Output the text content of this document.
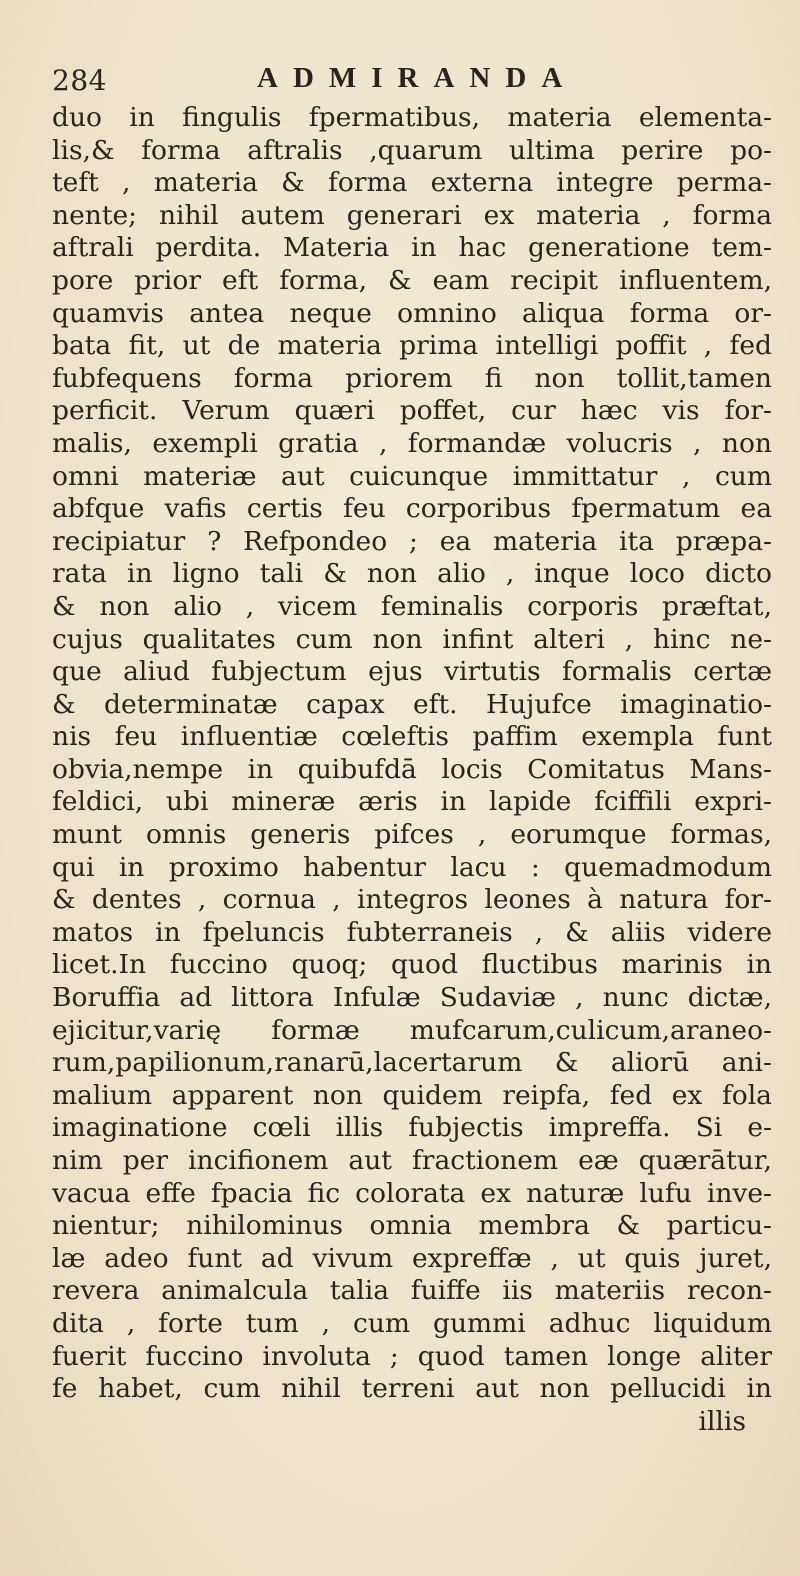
284	ADMIRANDA
duo in fingulis fpermatibus, materia elementa-
lis,& forma aftralis ,quarum ultima perire po-
teft , materia & forma externa integre perma-
nente; nihil autem generari ex materia , forma
aftrali perdita. Materia in hac generatione tem-
pore prior eft forma, & eam recipit influentem,
quamvis antea neque omnino aliqua forma or-
bata fit, ut de materia prima intelligi poffit , fed
fubfequens forma priorem fi non tollit,tamen
perficit. Verum quæri poffet, cur hæc vis for-
malis, exempli gratia , formandæ volucris , non
omni materiæ aut cuicunque immittatur , cum
abfque vafis certis feu corporibus fpermatum ea
recipiatur ? Refpondeo ; ea materia ita præpa-
rata in ligno tali & non alio , inque loco dicto
& non alio , vicem feminalis corporis præftat,
cujus qualitates cum non infint alteri , hinc ne-
que aliud fubjectum ejus virtutis formalis certæ
& determinatæ capax eft. Hujufce imaginatio-
nis feu influentiæ cœleftis paffim exempla funt
obvia,nempe in quibufdā locis Comitatus Mans-
feldici, ubi mineræ æris in lapide fciffili expri-
munt omnis generis pifces , eorumque formas,
qui in proximo habentur lacu : quemadmodum
& dentes , cornua , integros leones à natura for-
matos in fpeluncis fubterraneis , & aliis videre
licet.In fuccino quoq; quod fluctibus marinis in
Boruffia ad littora Infulæ Sudaviæ , nunc dictæ,
ejicitur,varię formæ mufcarum,culicum,araneo-
rum,papilionum,ranarū,lacertarum & aliorū ani-
malium apparent non quidem reipfa, fed ex fola
imaginatione cœli illis fubjectis impreffa. Si e-
nim per incifionem aut fractionem eæ quærātur,
vacua effe fpacia fic colorata ex naturæ lufu inve-
nientur; nihilominus omnia membra & particu-
læ adeo funt ad vivum expreffæ , ut quis juret,
revera animalcula talia fuiffe iis materiis recon-
dita , forte tum , cum gummi adhuc liquidum
fuerit fuccino involuta ; quod tamen longe aliter
fe habet, cum nihil terreni aut non pellucidi in
illis
